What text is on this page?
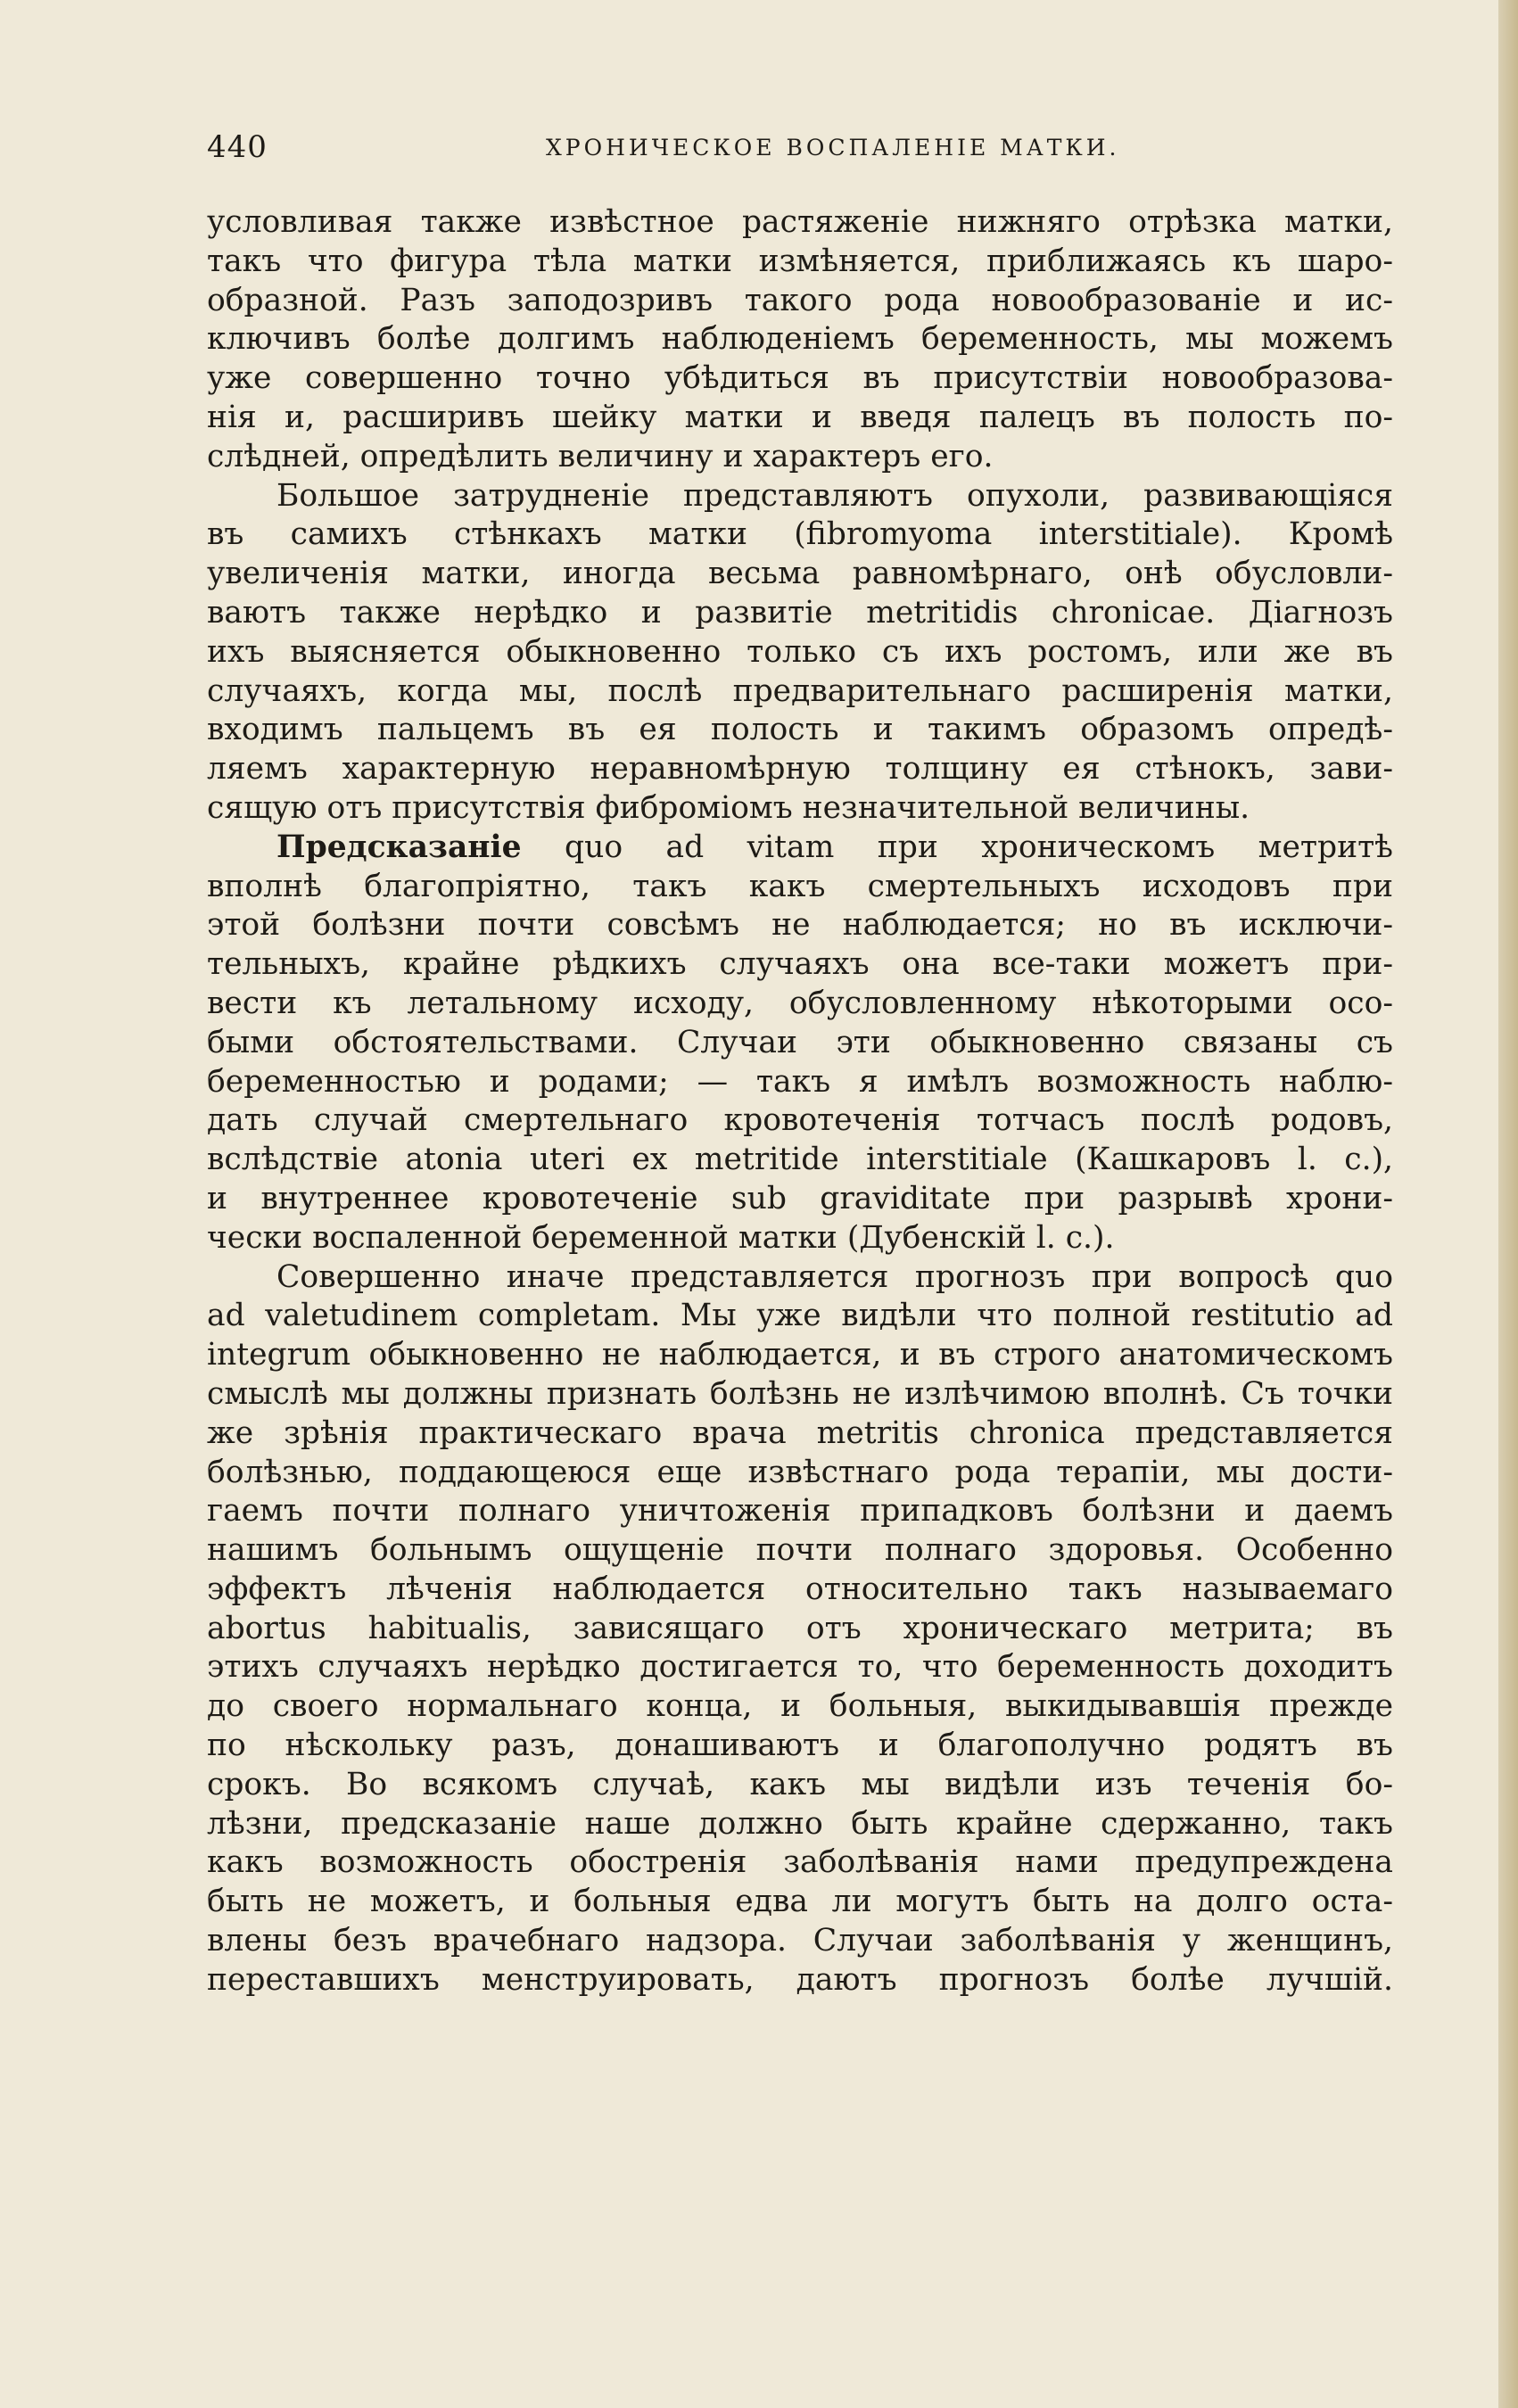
440	ХРОНИЧЕСКОЕ ВОСПАЛЕНІЕ МАТКИ.
условливая также извѣстное растяженіе нижняго отрѣзка матки,
такъ что фигура тѣла матки измѣняется, приближаясь къ шаро-
образной. Разъ заподозривъ такого рода новообразованіе и ис-
ключивъ болѣе долгимъ наблюденіемъ беременность, мы можемъ
уже совершенно точно убѣдиться въ присутствіи новообразова-
нія и, расширивъ шейку матки и введя палецъ въ полость по-
слѣдней, опредѣлить величину и характеръ его.
Большое затрудненіе представляютъ опухоли, развивающіяся
въ самихъ стѣнкахъ матки (fibromyoma interstitiale). Кромѣ
увеличенія матки, иногда весьма равномѣрнаго, онѣ обусловли-
ваютъ также нерѣдко и развитіе metritidis chronicae. Діагнозъ
ихъ выясняется обыкновенно только съ ихъ ростомъ, или же въ
случаяхъ, когда мы, послѣ предварительнаго расширенія матки,
входимъ пальцемъ въ ея полость и такимъ образомъ опредѣ-
ляемъ характерную неравномѣрную толщину ея стѣнокъ, зави-
сящую отъ присутствія фиброміомъ незначительной величины.
Предсказаніе quo ad vitam при хроническомъ метритѣ
вполнѣ благопріятно, такъ какъ смертельныхъ исходовъ при
этой болѣзни почти совсѣмъ не наблюдается; но въ исключи-
тельныхъ, крайне рѣдкихъ случаяхъ она все-таки можетъ при-
вести къ летальному исходу, обусловленному нѣкоторыми осо-
быми обстоятельствами. Случаи эти обыкновенно связаны съ
беременностью и родами; — такъ я имѣлъ возможность наблю-
дать случай смертельнаго кровотеченія тотчасъ послѣ родовъ,
вслѣдствіе atonia uteri ex metritide interstitiale (Кашкаровъ l. c.),
и внутреннее кровотеченіе sub graviditate при разрывѣ хрони-
чески воспаленной беременной матки (Дубенскій l. c.).
Совершенно иначе представляется прогнозъ при вопросѣ quo
ad valetudinem completam. Мы уже видѣли что полной restitutio ad
integrum обыкновенно не наблюдается, и въ строго анатомическомъ
смыслѣ мы должны признать болѣзнь не излѣчимою вполнѣ. Съ точки
же зрѣнія практическаго врача metritis chronica представляется
болѣзнью, поддающеюся еще извѣстнаго рода терапіи, мы дости-
гаемъ почти полнаго уничтоженія припадковъ болѣзни и даемъ
нашимъ больнымъ ощущеніе почти полнаго здоровья. Особенно
эффектъ лѣченія наблюдается относительно такъ называемаго
abortus habitualis, зависящаго отъ хроническаго метрита; въ
этихъ случаяхъ нерѣдко достигается то, что беременность доходитъ
до своего нормальнаго конца, и больныя, выкидывавшія прежде
по нѣскольку разъ, донашиваютъ и благополучно родятъ въ
срокъ. Во всякомъ случаѣ, какъ мы видѣли изъ теченія бо-
лѣзни, предсказаніе наше должно быть крайне сдержанно, такъ
какъ возможность обостренія заболѣванія нами предупреждена
быть не можетъ, и больныя едва ли могутъ быть на долго оста-
влены безъ врачебнаго надзора. Случаи заболѣванія у женщинъ,
переставшихъ менструировать, даютъ прогнозъ болѣе лучшій.
